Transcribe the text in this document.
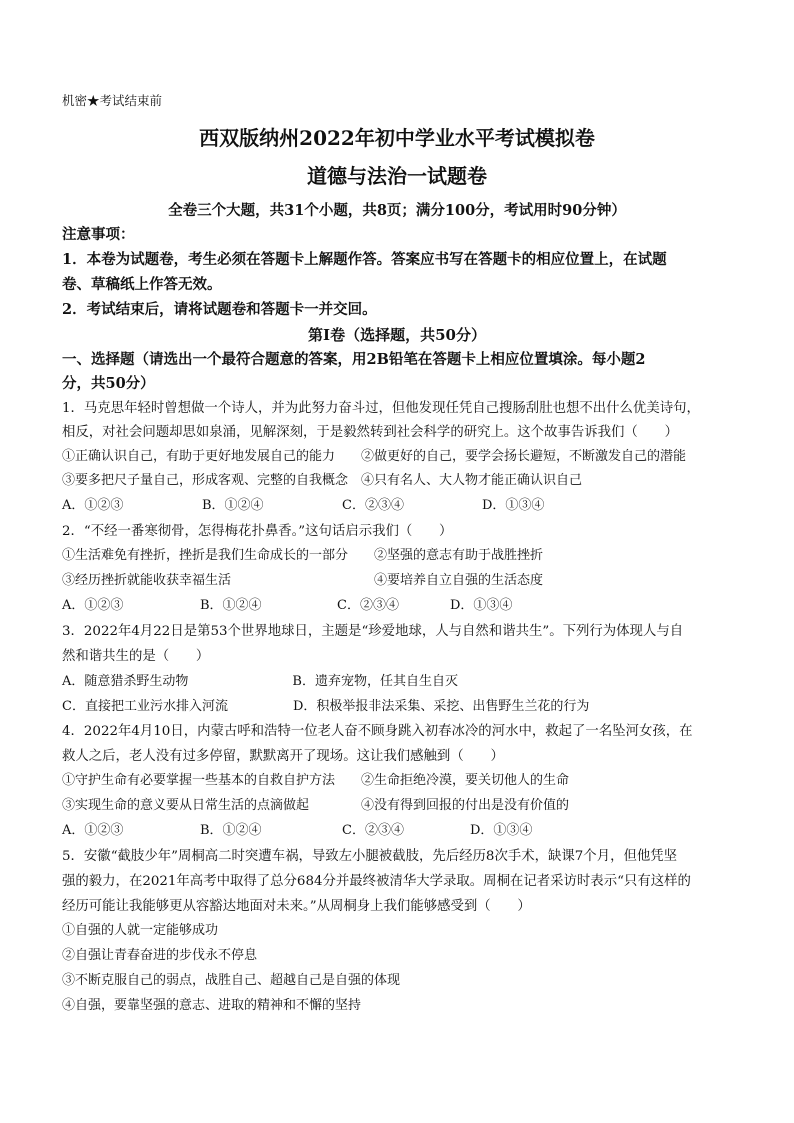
机密★考试结束前
西双版纳州2022年初中学业水平考试模拟卷
道德与法治一试题卷
全卷三个大题，共31个小题，共8页；满分100分，考试用时90分钟）
注意事项：
1．本卷为试题卷，考生必须在答题卡上解题作答。答案应书写在答题卡的相应位置上，在试题
卷、草稿纸上作答无效。
2．考试结束后，请将试题卷和答题卡一并交回。
第Ⅰ卷（选择题，共50分）
一、选择题（请选出一个最符合题意的答案，用2B铅笔在答题卡上相应位置填涂。每小题2
分，共50分）
1．马克思年轻时曾想做一个诗人，并为此努力奋斗过，但他发现任凭自己搜肠刮肚也想不出什么优美诗句，
相反，对社会问题却思如泉涌，见解深刻，于是毅然转到社会科学的研究上。这个故事告诉我们（　　）
①正确认识自己，有助于更好地发展自己的能力　　②做更好的自己，要学会扬长避短，不断激发自己的潜能
③要多把尺子量自己，形成客观、完整的自我概念　④只有名人、大人物才能正确认识自己
A．①②③	B．①②④	C．②③④	D．①③④
2．“不经一番寒彻骨，怎得梅花扑鼻香。”这句话启示我们（　　）
①生活难免有挫折，挫折是我们生命成长的一部分　　②坚强的意志有助于战胜挫折
③经历挫折就能收获幸福生活　　　　　　　　　　　④要培养自立自强的生活态度
A．①②③	B．①②④	C．②③④	D．①③④
3．2022年4月22日是第53个世界地球日，主题是“珍爱地球，人与自然和谐共生”。下列行为体现人与自
然和谐共生的是（　　）
A．随意猎杀野生动物　　　　　　　　B．遗弃宠物，任其自生自灭
C．直接把工业污水排入河流　　　　　D．积极举报非法采集、采挖、出售野生兰花的行为
4．2022年4月10日，内蒙古呼和浩特一位老人奋不顾身跳入初春冰冷的河水中，救起了一名坠河女孩，在
救人之后，老人没有过多停留，默默离开了现场。这让我们感触到（　　）
①守护生命有必要掌握一些基本的自救自护方法　　②生命拒绝冷漠，要关切他人的生命
③实现生命的意义要从日常生活的点滴做起　　　　④没有得到回报的付出是没有价值的
A．①②③	B．①②④	C．②③④	D．①③④
5．安徽“截肢少年”周桐高二时突遭车祸，导致左小腿被截肢，先后经历8次手术，缺课7个月，但他凭坚
强的毅力，在2021年高考中取得了总分684分并最终被清华大学录取。周桐在记者采访时表示“只有这样的
经历可能让我能够更从容豁达地面对未来。”从周桐身上我们能够感受到（　　）
①自强的人就一定能够成功
②自强让青春奋进的步伐永不停息
③不断克服自己的弱点，战胜自己、超越自己是自强的体现
④自强，要靠坚强的意志、进取的精神和不懈的坚持
